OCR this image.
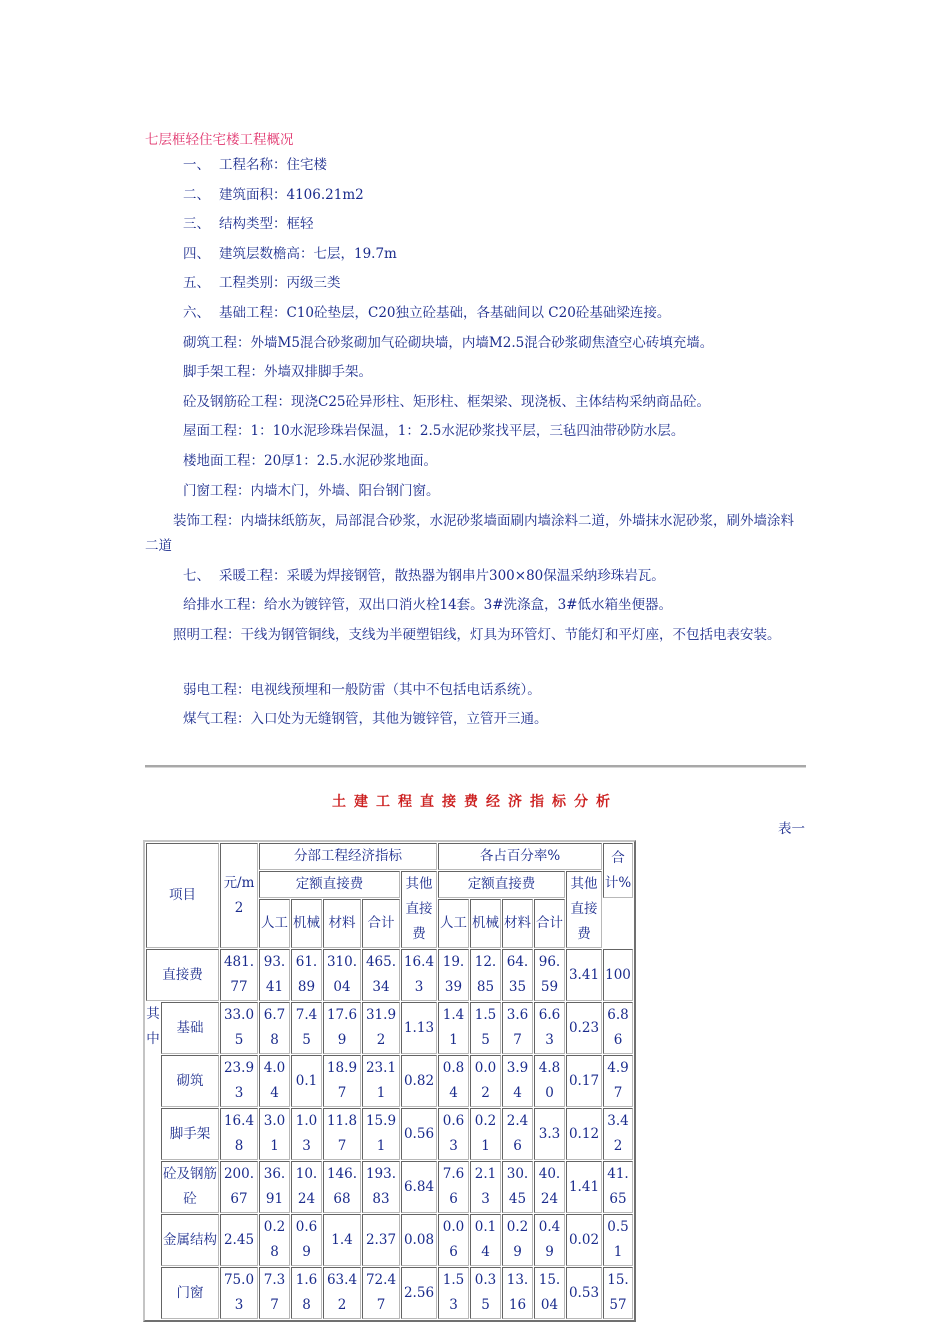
七层框轻住宅楼工程概况
一、 工程名称：住宅楼
二、 建筑面积：4106.21m2
三、 结构类型：框轻
四、 建筑层数檐高：七层，19.7m
五、 工程类别：丙级三类
六、 基础工程：C10砼垫层，C20独立砼基础，各基础间以 C20砼基础梁连接。
砌筑工程：外墙M5混合砂浆砌加气砼砌块墙，内墙M2.5混合砂浆砌焦渣空心砖填充墙。
脚手架工程：外墙双排脚手架。
砼及钢筋砼工程：现浇C25砼异形柱、矩形柱、框架梁、现浇板、主体结构采纳商品砼。
屋面工程：1：10水泥珍珠岩保温，1：2.5水泥砂浆找平层，三毡四油带砂防水层。
楼地面工程：20厚1：2.5.水泥砂浆地面。
门窗工程：内墙木门，外墙、阳台钢门窗。
装饰工程：内墙抹纸筋灰，局部混合砂浆，水泥砂浆墙面刷内墙涂料二道，外墙抹水泥砂浆，刷外墙涂料二道
七、 采暖工程：采暖为焊接钢管，散热器为钢串片300×80保温采纳珍珠岩瓦。
给排水工程：给水为镀锌管，双出口消火栓14套。3#洗涤盒，3#低水箱坐便器。
照明工程：干线为钢管铜线，支线为半硬塑铝线，灯具为环管灯、节能灯和平灯座，不包括电表安装。
弱电工程：电视线预埋和一般防雷（其中不包括电话系统）。
煤气工程：入口处为无缝钢管，其他为镀锌管，立管开三通。
土建工程直接费经济指标分析
表一
项目		元/m2	分部工程经济指标					各占百分率%					合计%
			定额直接费				其他直接费	定额直接费				其他直接费	
			人工	机械	材料	合计		人工	机械	材料	合计		
直接费		481.77	93.41	61.89	310.04	465.34	16.43	19.39	12.85	64.35	96.59	3.41	100
其中	基础	33.05	6.78	7.45	17.69	31.92	1.13	1.41	1.55	3.67	6.63	0.23	6.86
	砌筑	23.93	4.04	0.1	18.97	23.11	0.82	0.84	0.02	3.94	4.80	0.17	4.97
	脚手架	16.48	3.01	1.03	11.87	15.91	0.56	0.63	0.21	2.46	3.3	0.12	3.42
	砼及钢筋砼	200.67	36.91	10.24	146.68	193.83	6.84	7.66	2.13	30.45	40.24	1.41	41.65
	金属结构	2.45	0.28	0.69	1.4	2.37	0.08	0.06	0.14	0.29	0.49	0.02	0.51
	门窗	75.03	7.37	1.68	63.42	72.47	2.56	1.53	0.35	13.16	15.04	0.53	15.57
